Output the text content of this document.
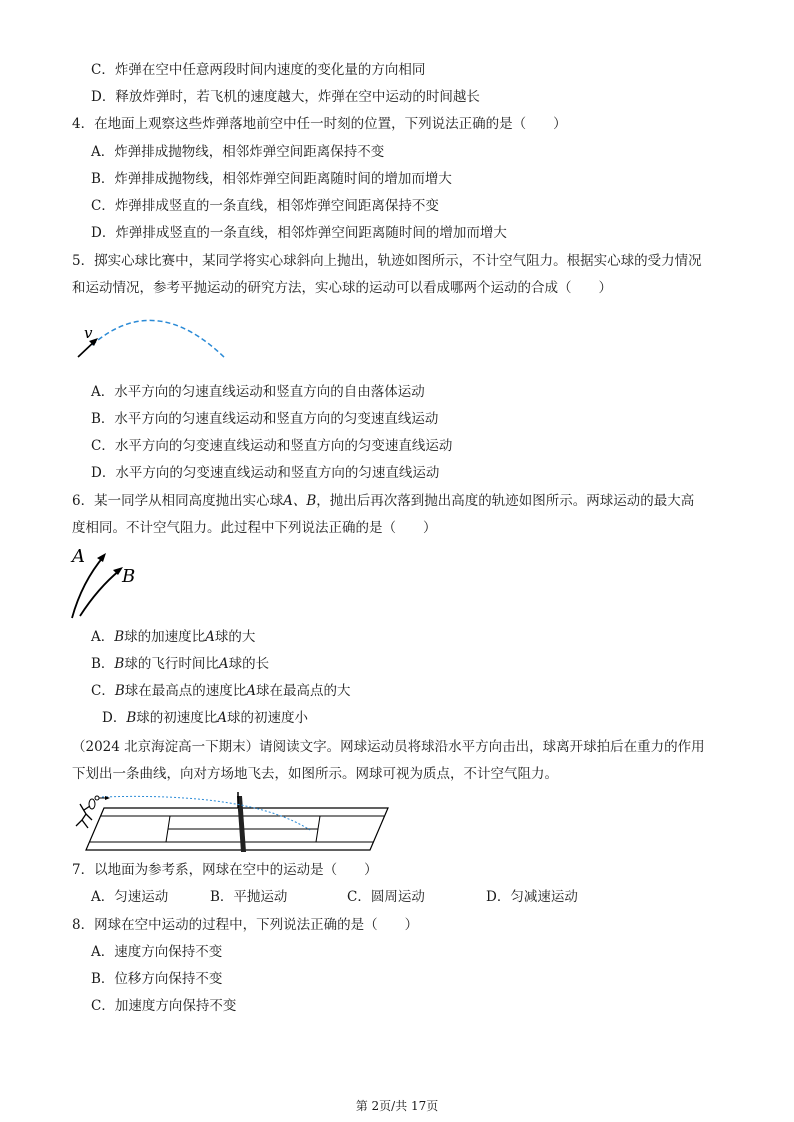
C．炸弹在空中任意两段时间内速度的变化量的方向相同
D．释放炸弹时，若飞机的速度越大，炸弹在空中运动的时间越长
4．在地面上观察这些炸弹落地前空中任一时刻的位置，下列说法正确的是（　　）
A．炸弹排成抛物线，相邻炸弹空间距离保持不变
B．炸弹排成抛物线，相邻炸弹空间距离随时间的增加而增大
C．炸弹排成竖直的一条直线，相邻炸弹空间距离保持不变
D．炸弹排成竖直的一条直线，相邻炸弹空间距离随时间的增加而增大
5．掷实心球比赛中，某同学将实心球斜向上抛出，轨迹如图所示，不计空气阻力。根据实心球的受力情况
和运动情况，参考平抛运动的研究方法，实心球的运动可以看成哪两个运动的合成（　　）
v
A．水平方向的匀速直线运动和竖直方向的自由落体运动
B．水平方向的匀速直线运动和竖直方向的匀变速直线运动
C．水平方向的匀变速直线运动和竖直方向的匀变速直线运动
D．水平方向的匀变速直线运动和竖直方向的匀速直线运动
6．某一同学从相同高度抛出实心球A、B，抛出后再次落到抛出高度的轨迹如图所示。两球运动的最大高
度相同。不计空气阻力。此过程中下列说法正确的是（　　）
A
B
A．B球的加速度比A球的大
B．B球的飞行时间比A球的长
C．B球在最高点的速度比A球在最高点的大
D．B球的初速度比A球的初速度小
（2024 北京海淀高一下期末）请阅读文字。网球运动员将球沿水平方向击出，球离开球拍后在重力的作用
下划出一条曲线，向对方场地飞去，如图所示。网球可视为质点，不计空气阻力。
7．以地面为参考系，网球在空中的运动是（　　）
A．匀速运动	B．平抛运动	C．圆周运动	D．匀减速运动
8．网球在空中运动的过程中，下列说法正确的是（　　）
A．速度方向保持不变
B．位移方向保持不变
C．加速度方向保持不变
第 2页/共 17页
